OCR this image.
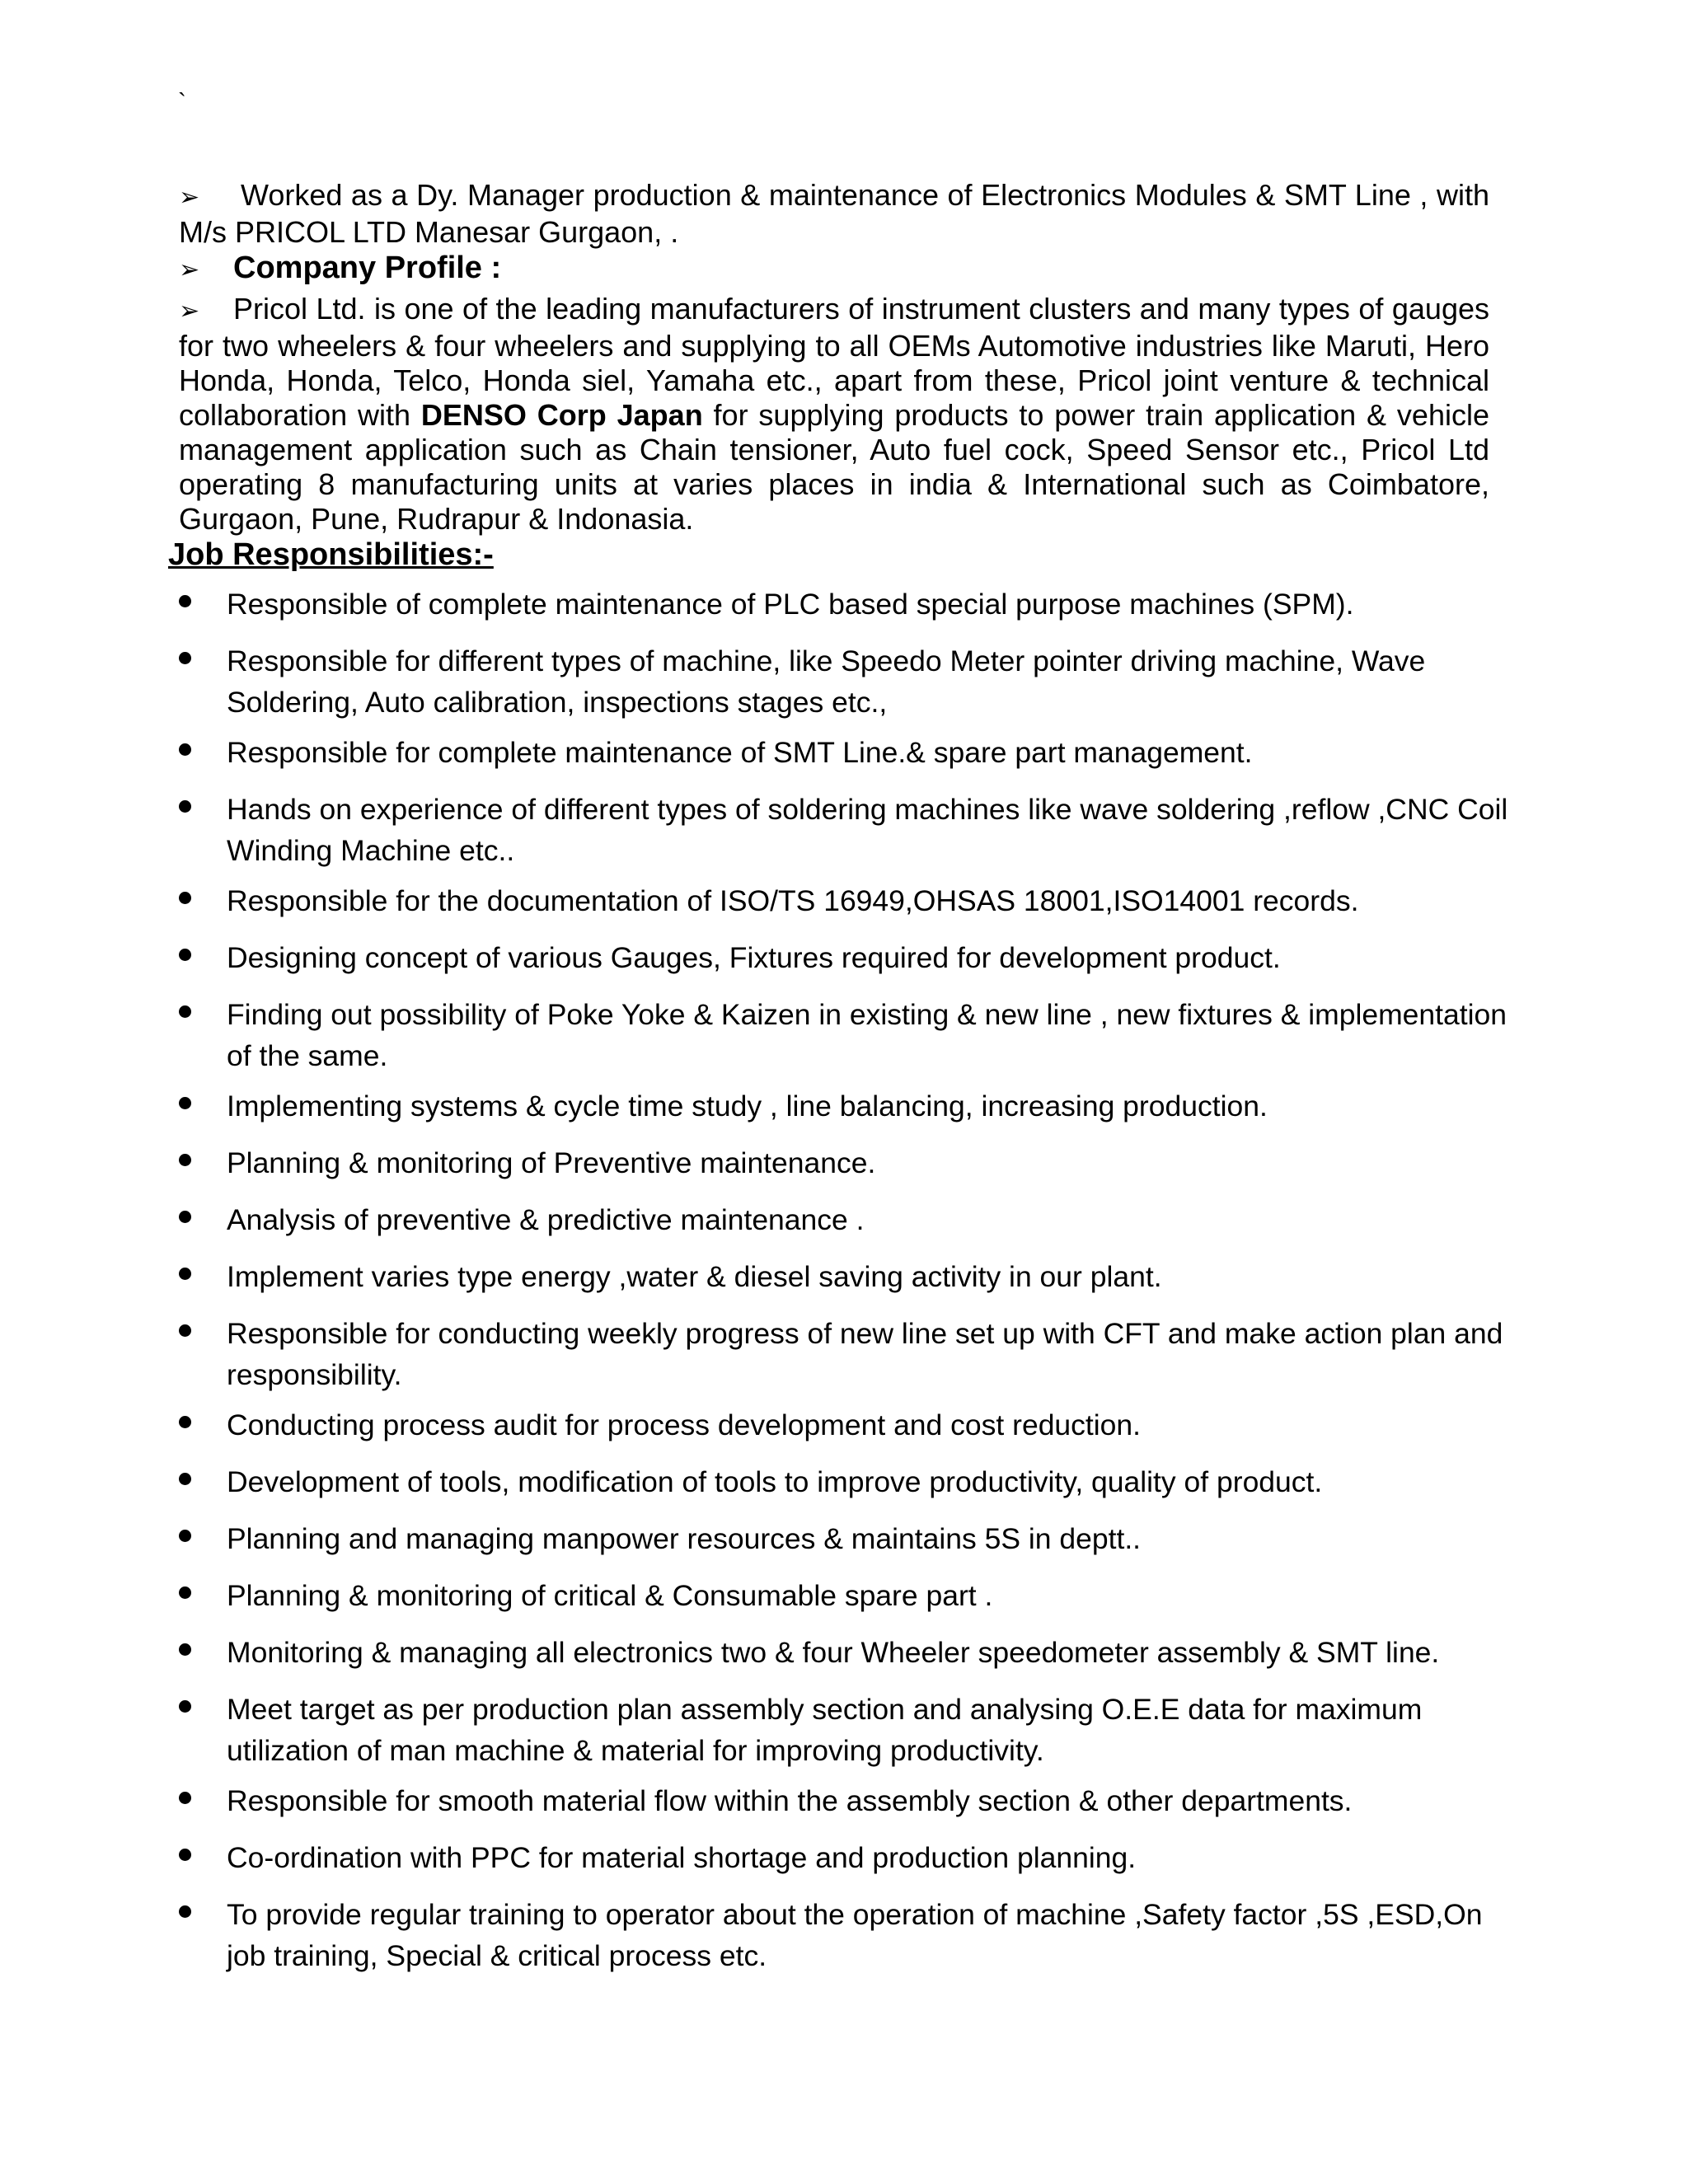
`
➢ Worked as a Dy. Manager production & maintenance of Electronics Modules & SMT Line , with M/s PRICOL LTD Manesar Gurgaon, .
➢ Company Profile :
➢ Pricol Ltd. is one of the leading manufacturers of instrument clusters and many types of gauges for two wheelers & four wheelers and supplying to all OEMs Automotive industries like Maruti, Hero Honda, Honda, Telco, Honda siel, Yamaha etc., apart from these, Pricol joint venture & technical collaboration with DENSO Corp Japan for supplying products to power train application & vehicle management application such as Chain tensioner, Auto fuel cock, Speed Sensor etc., Pricol Ltd operating 8 manufacturing units at varies places in india & International such as Coimbatore, Gurgaon, Pune, Rudrapur & Indonasia.
Job Responsibilities:-
Responsible of complete maintenance of PLC based special purpose machines (SPM).
Responsible for different types of machine, like Speedo Meter pointer driving machine, Wave Soldering, Auto calibration, inspections stages etc.,
Responsible for complete maintenance of SMT Line.& spare part management.
Hands on experience of different types of soldering machines like wave soldering ,reflow ,CNC Coil Winding Machine etc..
Responsible for the documentation of ISO/TS 16949,OHSAS 18001,ISO14001 records.
Designing concept of various Gauges, Fixtures required for development product.
Finding out possibility of Poke Yoke & Kaizen in existing & new line , new fixtures & implementation of the same.
Implementing systems & cycle time study , line balancing, increasing production.
Planning & monitoring of Preventive maintenance.
Analysis of preventive & predictive maintenance .
Implement varies type energy ,water & diesel saving activity in our plant.
Responsible for conducting weekly progress of new line set up with CFT and make action plan and responsibility.
Conducting process audit for process development and cost reduction.
Development of tools, modification of tools to improve productivity, quality of product.
Planning and managing manpower resources & maintains 5S in deptt..
Planning & monitoring of critical & Consumable spare part .
Monitoring & managing all electronics two & four Wheeler speedometer assembly & SMT line.
Meet target as per production plan assembly section and analysing O.E.E data for maximum utilization of man machine & material for improving productivity.
Responsible for smooth material flow within the assembly section & other departments.
Co-ordination with PPC for material shortage and production planning.
To provide regular training to operator about the operation of machine ,Safety factor ,5S ,ESD,On job training, Special & critical process etc.
